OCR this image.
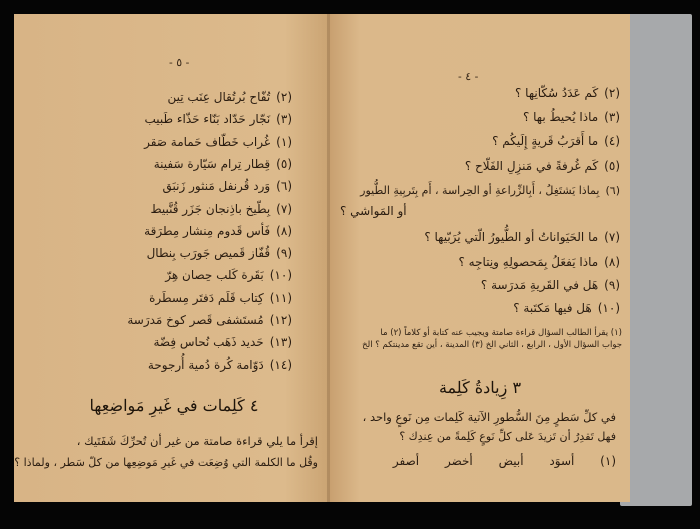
- ٥ -
(٢)تُفّاح بُرتُقال عِنَب تِين
(٣)نَجّار حَدّاد بَنّاء حَذّاء طَبيب
(١)غُراب خَطّاف حَمامة صَقر
(٥)قِطار تِرام سَيّارة سَفينة
(٦)وَرد قُرنفل مَنثور زَنبَق
(٧)بِطّيخ باذِنجان جَزَر قُنَّبيط
(٨)فَأس قَدوم مِنشار مِطرَقة
(٩)قُفّاز قَميص جَورَب بِنطال
(١٠)بَقَرة كَلب حِصان هِرّ
(١١)كِتاب قَلَم دَفتَر مِسطَرة
(١٢)مُستَشفى قَصر كوخ مَدرَسة
(١٣)حَديد ذَهَب نُحاس فِضّة
(١٤)دَوّامة كُرة دُمية أُرجوحة
٤ كَلِمات في غَيرِ مَواضِعِها
إقرأ ما يلي قراءة صامتة من غير أن تُحرِّكَ شَفَتَيك ،
وقُل ما الكلمة التي وُضِعَت في غَيرِ مَوضِعِها من كلّ سَطر ، ولماذا ؟
- ٤ -
(٢)كَم عَدَدُ سُكّانِها ؟
(٣)ماذا يُحيطُ بها ؟
(٤)ما أَقرَبُ قَريةٍ إِلَيكُم ؟
(٥)كَم غُرفةً في مَنزِلِ الفَلّاح ؟
(٦)بِماذا يَشتَغِلُ ، أَبِالزِّراعةِ أو الحِراسة ، أَم بِتَربِيةِ الطُّيور
أو المَواشي ؟
(٧)ما الحَيَواناتُ أو الطُّيورُ الّتي يُرَبّيها ؟
(٨)ماذا يَفعَلُ بِمَحصولِهِ ونِتاجِه ؟
(٩)هَل في القَريةِ مَدرَسة ؟
(١٠)هَل فيها مَكتَبة ؟
(١) يقرأ الطالب السؤال قراءة صامتة ويجيب عنه كتابة أو كلاماً (٢) ما
جواب السؤال الأول ، الرابع ، الثاني الخ (٣) المدينة ، أين تقع مدينتكم ؟ الخ
٣ زِيادةُ كَلِمة
في كلِّ سَطرٍ مِنَ السُّطورِ الآتية كَلِمات مِن نَوعٍ واحد ،
فهل تَقدِرُ أن تَزيدَ عَلى كلِّ نَوعٍ كَلِمةً من عِندِك ؟
(١) أسوَد أبيض أخضر أصفر
